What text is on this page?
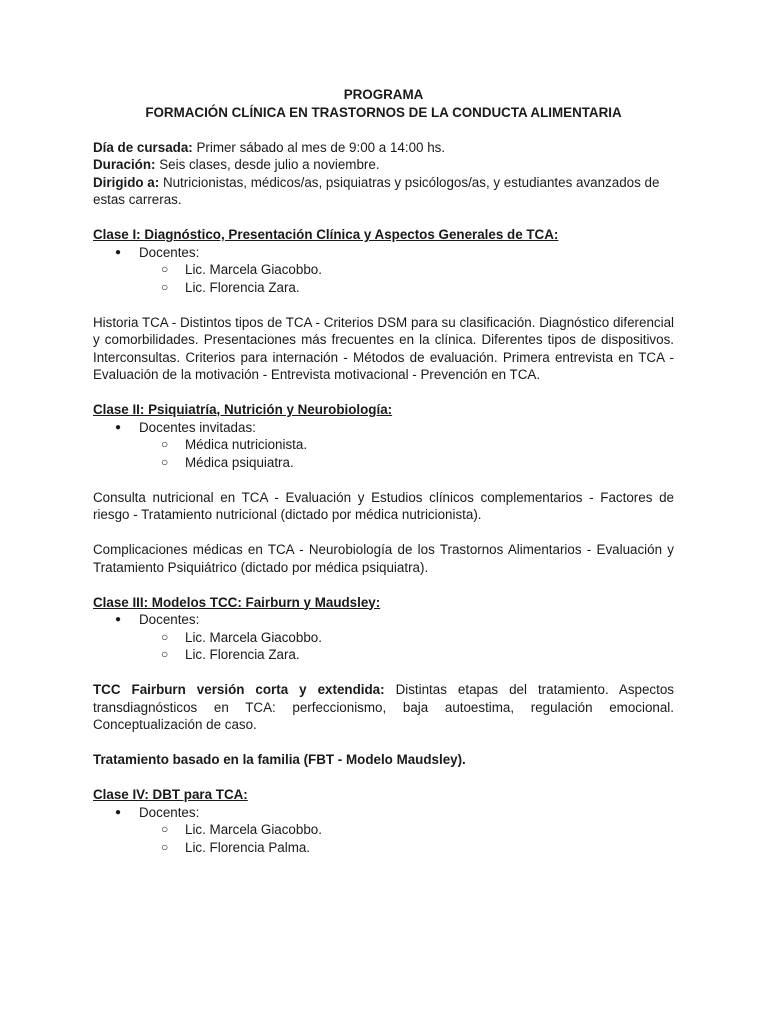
PROGRAMA
FORMACIÓN CLÍNICA EN TRASTORNOS DE LA CONDUCTA ALIMENTARIA
Día de cursada: Primer sábado al mes de 9:00 a 14:00 hs.
Duración: Seis clases, desde julio a noviembre.
Dirigido a: Nutricionistas, médicos/as, psiquiatras y psicólogos/as, y estudiantes avanzados de estas carreras.
Clase I: Diagnóstico, Presentación Clínica y Aspectos Generales de TCA:
● Docentes:
○ Lic. Marcela Giacobbo.
○ Lic. Florencia Zara.
Historia TCA - Distintos tipos de TCA - Criterios DSM para su clasificación. Diagnóstico diferencial y comorbilidades. Presentaciones más frecuentes en la clínica. Diferentes tipos de dispositivos. Interconsultas. Criterios para internación - Métodos de evaluación. Primera entrevista en TCA - Evaluación de la motivación - Entrevista motivacional - Prevención en TCA.
Clase II: Psiquiatría, Nutrición y Neurobiología:
● Docentes invitadas:
○ Médica nutricionista.
○ Médica psiquiatra.
Consulta nutricional en TCA - Evaluación y Estudios clínicos complementarios - Factores de riesgo - Tratamiento nutricional (dictado por médica nutricionista).
Complicaciones médicas en TCA - Neurobiología de los Trastornos Alimentarios - Evaluación y Tratamiento Psiquiátrico (dictado por médica psiquiatra).
Clase III: Modelos TCC: Fairburn y Maudsley:
● Docentes:
○ Lic. Marcela Giacobbo.
○ Lic. Florencia Zara.
TCC Fairburn versión corta y extendida: Distintas etapas del tratamiento. Aspectos transdiagnósticos en TCA: perfeccionismo, baja autoestima, regulación emocional. Conceptualización de caso.
Tratamiento basado en la familia (FBT - Modelo Maudsley).
Clase IV: DBT para TCA:
● Docentes:
○ Lic. Marcela Giacobbo.
○ Lic. Florencia Palma.
